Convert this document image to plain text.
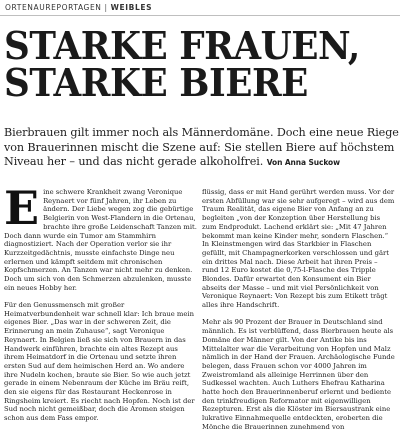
ORTENAUREPORTAGEN | WEIBLES
STARKE FRAUEN, STARKE BIERE

Bierbrauen gilt immer noch als Männerdomäne. Doch eine neue Riege von Brauerinnen mischt die Szene auf: Sie stellen Biere auf höchstem Niveau her – und das nicht gerade alkoholfrei. Von Anna Suckow

Eine schwere Krankheit zwang Veronique Reynaert vor fünf Jahren, ihr Leben zu ändern. Der Liebe wegen zog die gebürtige Belgierin von West-Flandern in die Ortenau, brachte ihre große Leidenschaft Tanzen mit. Doch dann wurde ein Tumor am Stammhirn diagnostiziert. Nach der Operation verlor sie ihr Kurzzeitgedächtnis, musste einfachste Dinge neu erlernen und kämpft seitdem mit chronischen Kopfschmerzen. An Tanzen war nicht mehr zu denken. Doch um sich von den Schmerzen abzulenken, musste ein neues Hobby her.

Für den Genussmensch mit großer Heimatverbundenheit war schnell klar: Ich braue mein eigenes Bier. „Das war in der schweren Zeit, die Erinnerung an mein Zuhause“, sagt Veronique Reynaert. In Belgien ließ sie sich von Brauern in das Handwerk einführen, brachte ein altes Rezept aus ihrem Heimatdorf in die Ortenau und setzte ihren ersten Sud auf dem heimischen Herd an. Wo andere ihre Nudeln kochen, braute sie Bier. So wie auch jetzt gerade in einem Nebenraum der Küche im Bräu reift, den sie eigens für das Restaurant Heckenrose in Ringsheim kreiert. Es riecht nach Hopfen. Noch ist der Sud noch nicht gemeißbar, doch die Aromen steigen schon aus dem Fass empor.

flüssig, dass er mit Hand gerührt werden muss. Vor der ersten Abfüllung war sie sehr aufgeregt – wird aus dem Traum Realität, das eigene Bier von Anfang an zu begleiten „von der Konzeption über Herstellung bis zum Endprodukt. Lachend erklärt sie: „Mit 47 Jahren bekommt man keine Kinder mehr, sondern Flaschen.“ In Kleinstmengen wird das Starkbier in Flaschen gefüllt, mit Champagnerkorken verschlossen und gärt ein drittes Mal nach. Diese Arbeit hat ihren Preis – rund 12 Euro kostet die 0,75-l-Flasche des Tripple Blondes. Dafür erwartet den Konsument ein Bier abseits der Masse – und mit viel Persönlichkeit von Veronique Reynaert: Von Rezept bis zum Etikett trägt alles ihre Handschrift.

Mehr als 90 Prozent der Brauer in Deutschland sind männlich. Es ist verblüffend, dass Bierbrauen heute als Domäne der Männer gilt. Von der Antike bis ins Mittelalter war die Verarbeitung von Hopfen und Malz nämlich in der Hand der Frauen. Archäologische Funde belegen, dass Frauen schon vor 4000 Jahren im Zweistromland als alleinige Herrinnen über den Sudkessel wachten. Auch Luthers Ehefrau Katharina hatte hoch den Brauerinnenberuf erlernt und bediente den trinkfreudigen Reformator mit eigenwilligen Rezepturen. Erst als die Klöster im Biersaustrank eine lukrative Einnahmequelle entdeckten, eroberten die Mönche die Brauerinnen zunehmend von
